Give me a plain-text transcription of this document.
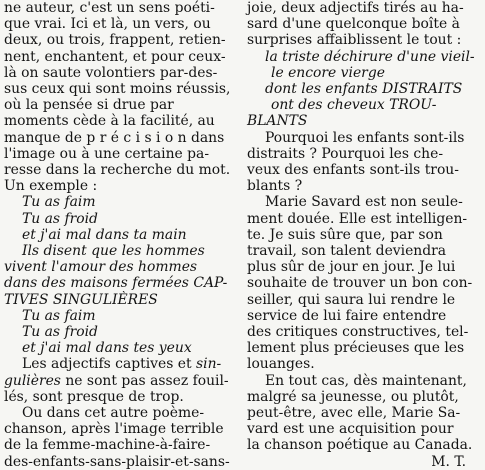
ne auteur, c'est un sens poéti-
que vrai. Ici et là, un vers, ou
deux, ou trois, frappent, retien-
nent, enchantent, et pour ceux-
là on saute volontiers par-des-
sus ceux qui sont moins réussis,
où la pensée si drue par
moments cède à la facilité, au
manque de p r é c i s i o n dans
l'image ou à une certaine pa-
resse dans la recherche du mot.
Un exemple :
Tu as faim
Tu as froid
et j'ai mal dans ta main
Ils disent que les hommes
vivent l'amour des hommes
dans des maisons fermées CAP-
TIVES SINGULIÈRES
Tu as faim
Tu as froid
et j'ai mal dans tes yeux
Les adjectifs captives et sin-
gulières ne sont pas assez fouil-
lés, sont presque de trop.
Ou dans cet autre poème-
chanson, après l'image terrible
de la femme-machine-à-faire-
des-enfants-sans-plaisir-et-sans-
joie, deux adjectifs tirés au ha-
sard d'une quelconque boîte à
surprises affaiblissent le tout :
la triste déchirure d'une vieil-
le encore vierge
dont les enfants DISTRAITS
ont des cheveux TROU-
BLANTS
Pourquoi les enfants sont-ils
distraits ? Pourquoi les che-
veux des enfants sont-ils trou-
blants ?
Marie Savard est non seule-
ment douée. Elle est intelligen-
te. Je suis sûre que, par son
travail, son talent deviendra
plus sûr de jour en jour. Je lui
souhaite de trouver un bon con-
seiller, qui saura lui rendre le
service de lui faire entendre
des critiques constructives, tel-
lement plus précieuses que les
louanges.
En tout cas, dès maintenant,
malgré sa jeunesse, ou plutôt,
peut-être, avec elle, Marie Sa-
vard est une acquisition pour
la chanson poétique au Canada.
M. T.
